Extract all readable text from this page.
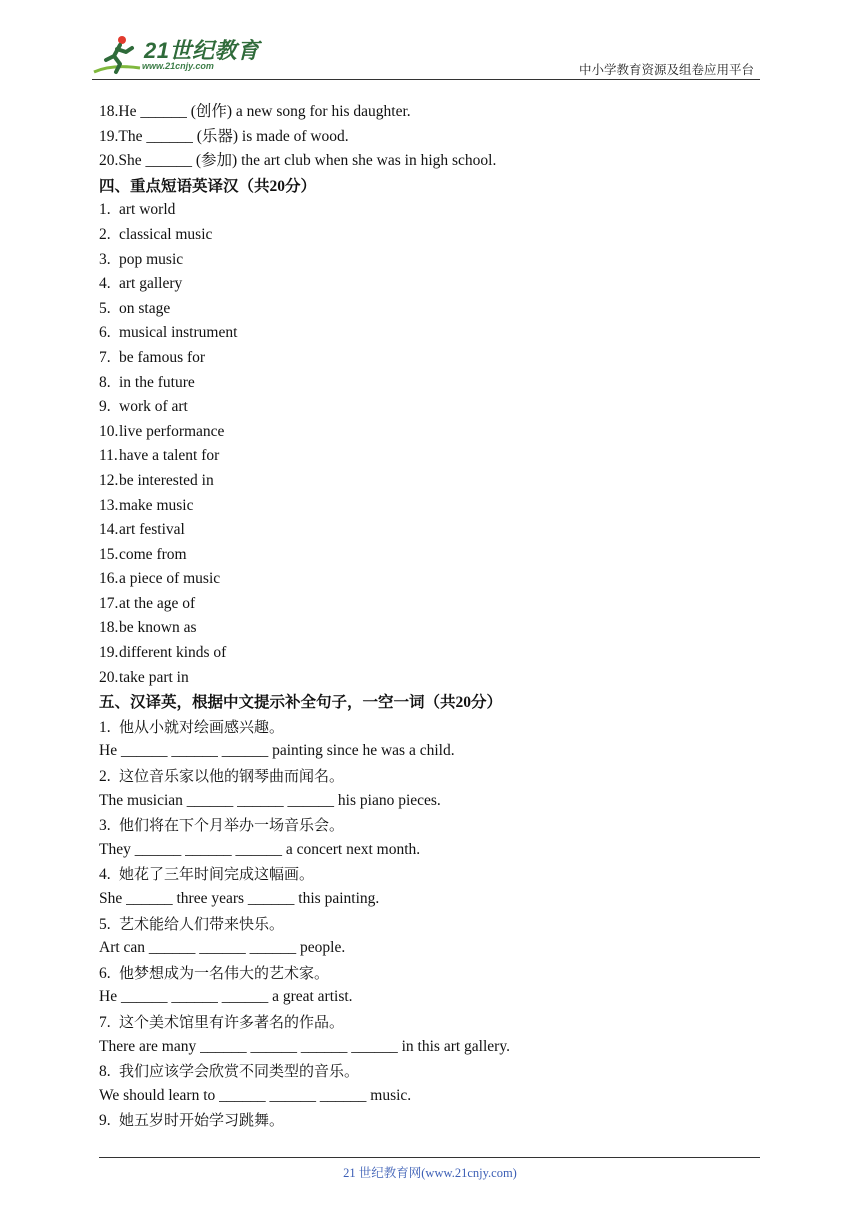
21世纪教育
www.21cnjy.com	中小学教育资源及组卷应用平台
18.He ______ (创作) a new song for his daughter.
19.The ______ (乐器) is made of wood.
20.She ______ (参加) the art club when she was in high school.
四、重点短语英译汉（共20分）
1. art world
2. classical music
3. pop music
4. art gallery
5. on stage
6. musical instrument
7. be famous for
8. in the future
9. work of art
10.live performance
11.have a talent for
12.be interested in
13.make music
14.art festival
15.come from
16.a piece of music
17.at the age of
18.be known as
19.different kinds of
20.take part in
五、汉译英，根据中文提示补全句子，一空一词（共20分）
1. 他从小就对绘画感兴趣。
He ______ ______ ______ painting since he was a child.
2. 这位音乐家以他的钢琴曲而闻名。
The musician ______ ______ ______ his piano pieces.
3. 他们将在下个月举办一场音乐会。
They ______ ______ ______ a concert next month.
4. 她花了三年时间完成这幅画。
She ______ three years ______ this painting.
5. 艺术能给人们带来快乐。
Art can ______ ______ ______ people.
6. 他梦想成为一名伟大的艺术家。
He ______ ______ ______ a great artist.
7. 这个美术馆里有许多著名的作品。
There are many ______ ______ ______ ______ in this art gallery.
8. 我们应该学会欣赏不同类型的音乐。
We should learn to ______ ______ ______ music.
9. 她五岁时开始学习跳舞。
21 世纪教育网(www.21cnjy.com)
